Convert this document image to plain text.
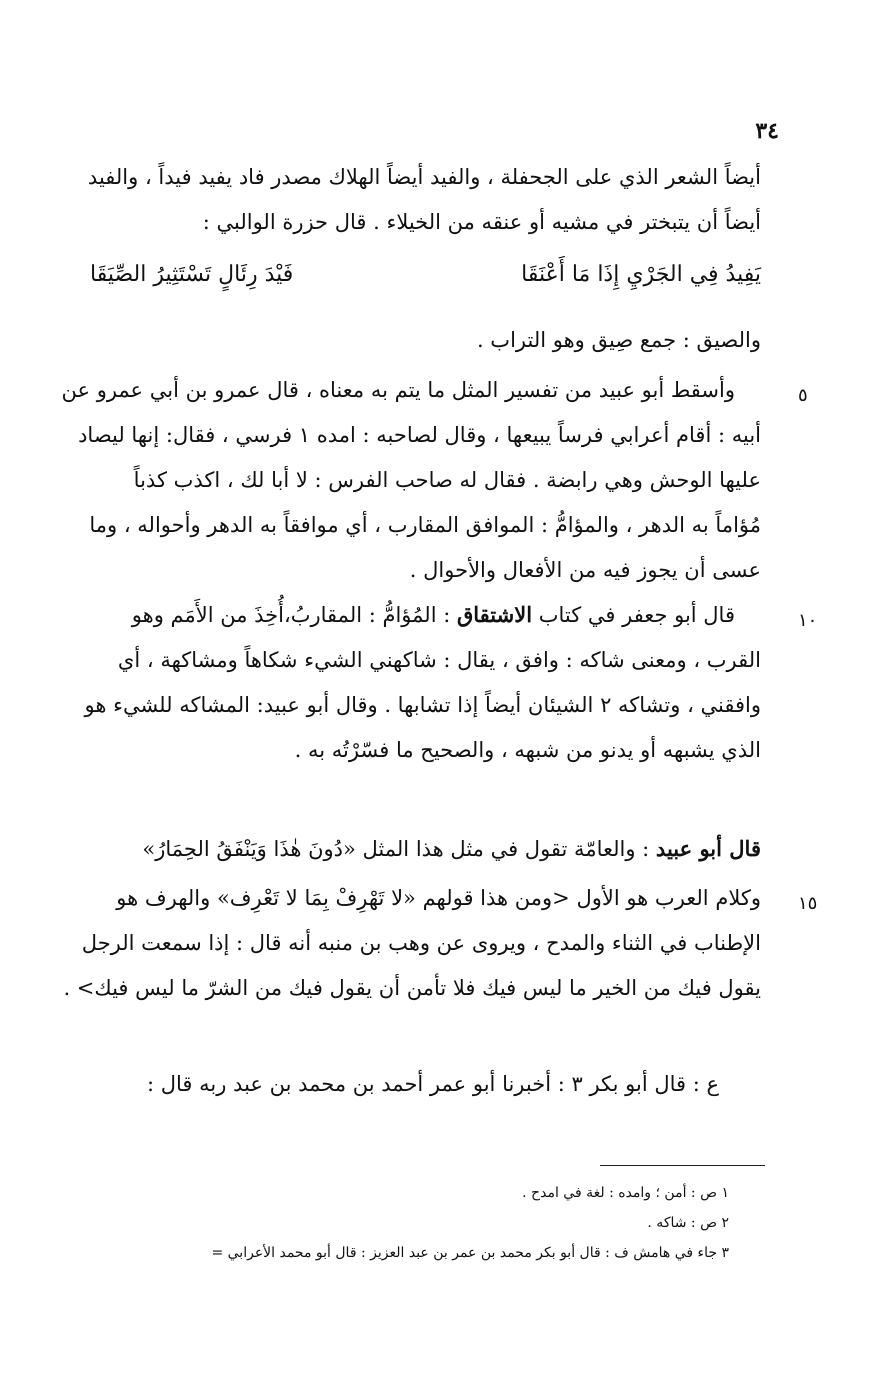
٣٤
أيضاً الشعر الذي على الجحفلة ، والفيد أيضاً الهلاك مصدر فاد يفيد فيداً ، والفيد
أيضاً أن يتبختر في مشيه أو عنقه من الخيلاء . قال حزرة الوالبي :
يَفِيدُ فِي الجَرْيِ إِذَا مَا أَعْنَقَا
فَيْدَ رِئَالٍ تَسْتَثِيرُ الصِّيَقَا
والصيق : جمع صِيق وهو التراب .
٥
وأسقط أبو عبيد من تفسير المثل ما يتم به معناه ، قال عمرو بن أبي عمرو عن
أبيه : أقام أعرابي فرساً يبيعها ، وقال لصاحبه : امده ١ فرسي ، فقال: إنها ليصاد
عليها الوحش وهي رابضة . فقال له صاحب الفرس : لا أبا لك ، اكذب كذباً
مُؤاماً به الدهر ، والمؤامُّ : الموافق المقارب ، أي موافقاً به الدهر وأحواله ، وما
عسى أن يجوز فيه من الأفعال والأحوال .
١٠
قال أبو جعفر في كتاب الاشتقاق : المُؤامُّ : المقاربُ،أُخِذَ من الأَمَم وهو
القرب ، ومعنى شاكه : وافق ، يقال : شاكهني الشيء شكاهاً ومشاكهة ، أي
وافقني ، وتشاكه ٢ الشيئان أيضاً إذا تشابها . وقال أبو عبيد: المشاكه للشيء هو
الذي يشبهه أو يدنو من شبهه ، والصحيح ما فسّرْتُه به .
قال أبو عبيد : والعامّة تقول في مثل هذا المثل «دُونَ هٰذَا وَيَنْفَقُ الحِمَارُ»
١٥
وكلام العرب هو الأول <ومن هذا قولهم «لا تَهْرِفْ بِمَا لا تَعْرِف» والهرف هو
الإطناب في الثناء والمدح ، ويروى عن وهب بن منبه أنه قال : إذا سمعت الرجل
يقول فيك من الخير ما ليس فيك فلا تأمن أن يقول فيك من الشرّ ما ليس فيك> .
ع : قال أبو بكر ٣ : أخبرنا أبو عمر أحمد بن محمد بن عبد ربه قال :
١ ص : أمن ؛ وامده : لغة في امدح .
٢ ص : شاكه .
٣ جاء في هامش ف : قال أبو بكر محمد بن عمر بن عبد العزيز : قال أبو محمد الأعرابي =
